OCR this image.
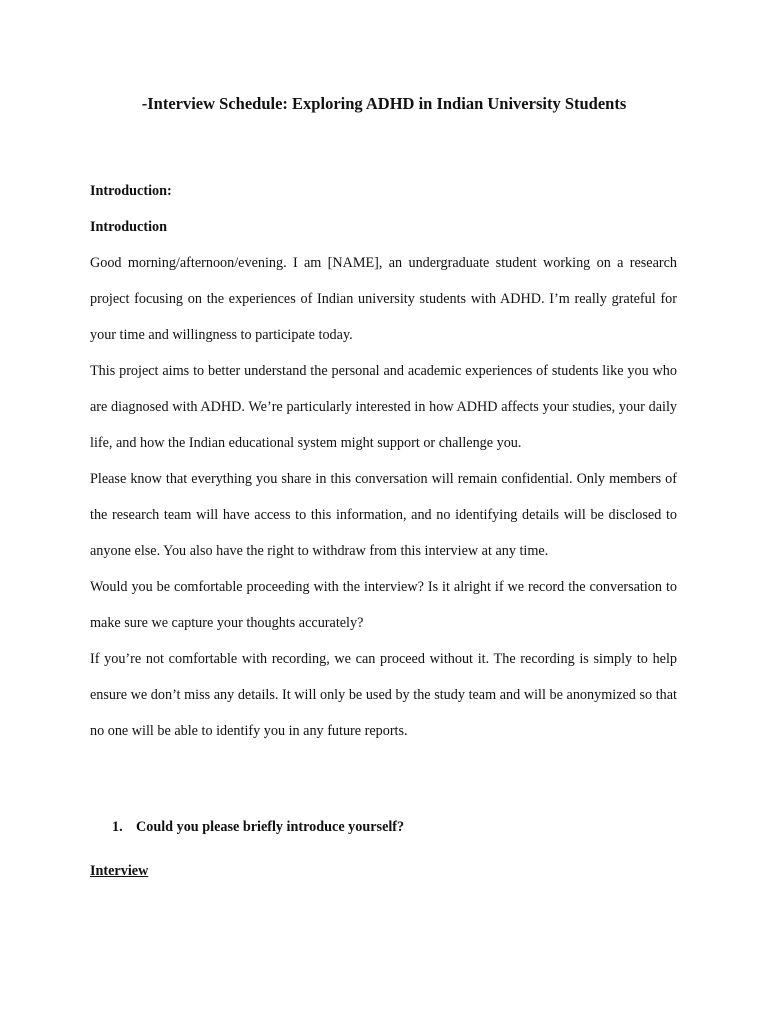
-Interview Schedule: Exploring ADHD in Indian University Students

Introduction:

Introduction

Good morning/afternoon/evening. I am [NAME], an undergraduate student working on a research project focusing on the experiences of Indian university students with ADHD. I’m really grateful for your time and willingness to participate today.

This project aims to better understand the personal and academic experiences of students like you who are diagnosed with ADHD. We’re particularly interested in how ADHD affects your studies, your daily life, and how the Indian educational system might support or challenge you.

Please know that everything you share in this conversation will remain confidential. Only members of the research team will have access to this information, and no identifying details will be disclosed to anyone else. You also have the right to withdraw from this interview at any time.

Would you be comfortable proceeding with the interview? Is it alright if we record the conversation to make sure we capture your thoughts accurately?

If you’re not comfortable with recording, we can proceed without it. The recording is simply to help ensure we don’t miss any details. It will only be used by the study team and will be anonymized so that no one will be able to identify you in any future reports.

1. Could you please briefly introduce yourself?

Interview
